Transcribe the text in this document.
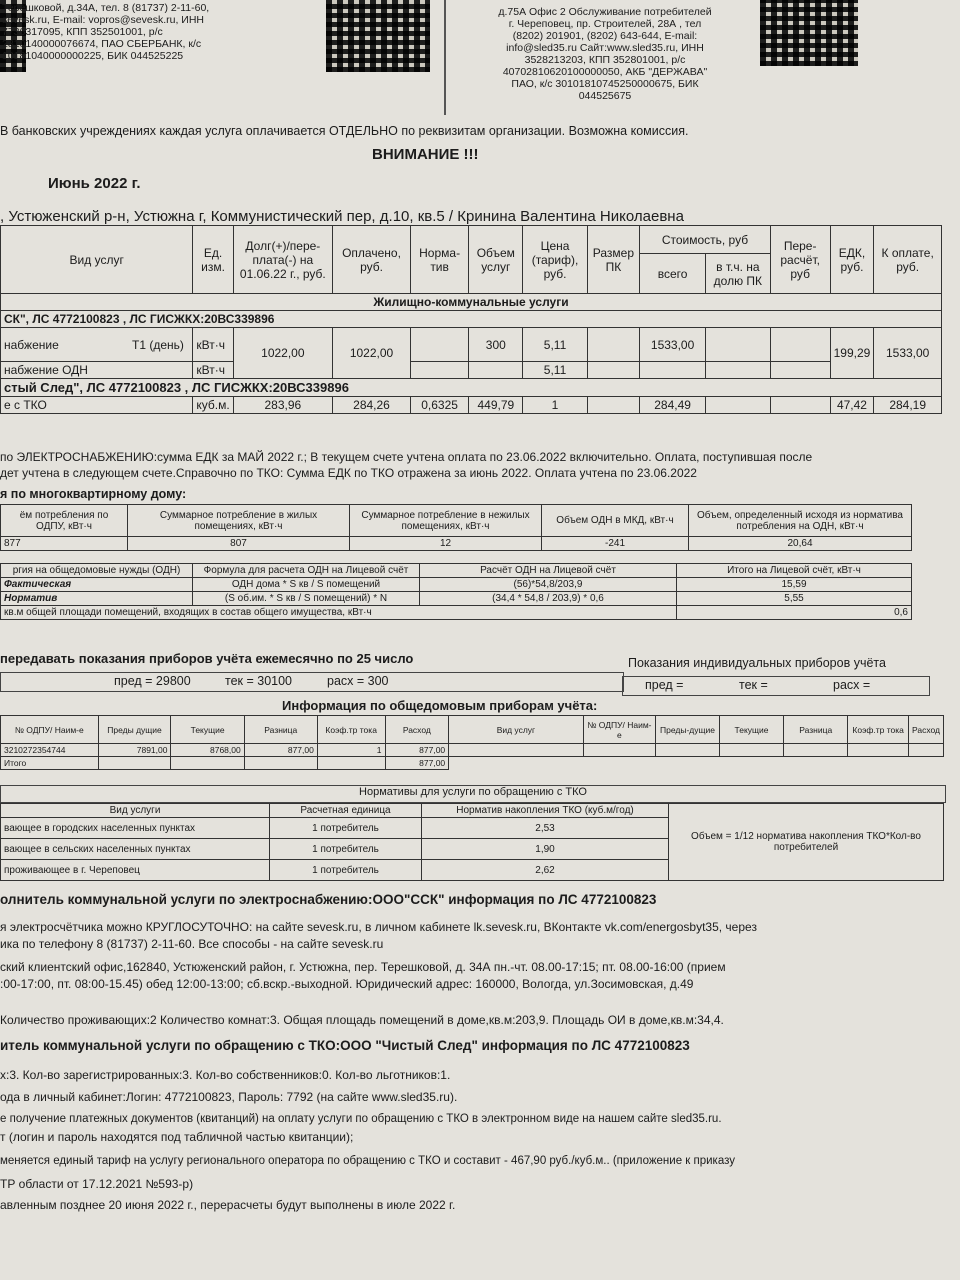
Терешковой, д.34А, тел. 8 (81737) 2-11-60,
sevesk.ru, E-mail: vopros@sevesk.ru, ИНН
7736317095, КПП 352501001, р/с
2810140000076674, ПАО СБЕРБАНК, к/с
10181040000000225, БИК 044525225
д.75А Офис 2 Обслуживание потребителей
г. Череповец, пр. Строителей, 28А , тел
(8202) 201901, (8202) 643-644, E-mail:
info@sled35.ru Сайт:www.sled35.ru, ИНН
3528213203, КПП 352801001, р/с
40702810620100000050, АКБ "ДЕРЖАВА"
ПАО, к/с 30101810745250000675, БИК
044525675
В банковских учреждениях каждая услуга оплачивается ОТДЕЛЬНО по реквизитам организации. Возможна комиссия.
ВНИМАНИЕ !!!
Июнь 2022 г.
, Устюженский р-н, Устюжна г, Коммунистический пер, д.10, кв.5 / Кринина Валентина Николаевна
Вид услуг	Ед. изм.	Долг(+)/пере-плата(-) на 01.06.22 г., руб.	Оплачено, руб.	Норма-тив	Объем услуг	Цена (тариф), руб.	Размер ПК	Стоимость, руб		Пере-расчёт, руб	ЕДК, руб.	К оплате, руб.
								всего	в т.ч. на долю ПК			
Жилищно-коммунальные услуги												
СК", ЛС 4772100823 , ЛС ГИСЖКХ:20ВС339896												
набжение Т1 (день)	кВт·ч	1022,00	1022,00		300	5,11		1533,00			199,29	1533,00
набжение ОДН	кВт·ч					5,11						
стый След", ЛС 4772100823 , ЛС ГИСЖКХ:20ВС339896												
е с ТКО	куб.м.	283,96	284,26	0,6325	449,79	1		284,49			47,42	284,19
по ЭЛЕКТРОСНАБЖЕНИЮ:сумма ЕДК за МАЙ 2022 г.; В текущем счете учтена оплата по 23.06.2022 включительно. Оплата, поступившая после
дет учтена в следующем счете.Справочно по ТКО: Сумма ЕДК по ТКО отражена за июнь 2022. Оплата учтена по 23.06.2022
я по многоквартирному дому:
ём потребления по ОДПУ, кВт·ч	Суммарное потребление в жилых помещениях, кВт·ч	Суммарное потребление в нежилых помещениях, кВт·ч	Объем ОДН в МКД, кВт·ч	Объем, определенный исходя из норматива потребления на ОДН, кВт·ч
877	807	12	-241	20,64
ргия на общедомовые нужды (ОДН)	Формула для расчета ОДН на Лицевой счёт	Расчёт ОДН на Лицевой счёт	Итого на Лицевой счёт, кВт·ч
Фактическая	ОДН дома * S кв / S помещений	(56)*54,8/203,9	15,59
Норматив	(S об.им. * S кв / S помещений) * N	(34,4 * 54,8 / 203,9) * 0,6	5,55
кв.м общей площади помещений, входящих в состав общего имущества, кВт·ч			0,6
передавать показания приборов учёта ежемесячно по 25 число	Показания индивидуальных приборов учёта
пред = 29800	тек = 30100	расх = 300	пред =	тек =	расх =
Информация по общедомовым приборам учёта:
№ ОДПУ/ Наим-е	Преды дущие	Текущие	Разница	Коэф.тр тока	Расход	Вид услуг	№ ОДПУ/ Наим-е	Преды-дущие	Текущие	Разница	Коэф.тр тока	Расход
3210272354744	7891,00	8768,00	877,00	1	877,00							
Итого					877,00							
Нормативы для услуги по обращению с ТКО
Вид услуги	Расчетная единица	Норматив накопления ТКО (куб.м/год)	Объем = 1/12 норматива накопления ТКО*Кол-во потребителей
вающее в городских населенных пунктах	1 потребитель	2,53	
вающее в сельских населенных пунктах	1 потребитель	1,90	
проживающее в г. Череповец	1 потребитель	2,62	
олнитель коммунальной услуги по электроснабжению:ООО"ССК" информация по ЛС 4772100823
я электросчётчика можно КРУГЛОСУТОЧНО: на сайте sevesk.ru, в личном кабинете lk.sevesk.ru, ВКонтакте vk.com/energosbyt35, через
ика по телефону 8 (81737) 2-11-60. Все способы - на сайте sevesk.ru
ский клиентский офис,162840, Устюженский район, г. Устюжна, пер. Терешковой, д. 34А пн.-чт. 08.00-17:15; пт. 08.00-16:00 (прием
:00-17:00, пт. 08:00-15.45) обед 12:00-13:00; сб.вскр.-выходной. Юридический адрес: 160000, Вологда, ул.Зосимовская, д.49
Количество проживающих:2 Количество комнат:3. Общая площадь помещений в доме,кв.м:203,9. Площадь ОИ в доме,кв.м:34,4.
итель коммунальной услуги по обращению с ТКО:ООО "Чистый След" информация по ЛС 4772100823
х:3. Кол-во зарегистрированных:3. Кол-во собственников:0. Кол-во льготников:1.
ода в личный кабинет:Логин: 4772100823, Пароль: 7792 (на сайте www.sled35.ru).
е получение платежных документов (квитанций) на оплату услуги по обращению с ТКО в электронном виде на нашем сайте sled35.ru.
т (логин и пароль находятся под табличной частью квитанции);
меняется единый тариф на услугу регионального оператора по обращению с ТКО и составит - 467,90 руб./куб.м.. (приложение к приказу
ТР области от 17.12.2021 №593-р)
авленным позднее 20 июня 2022 г., перерасчеты будут выполнены в июле 2022 г.
